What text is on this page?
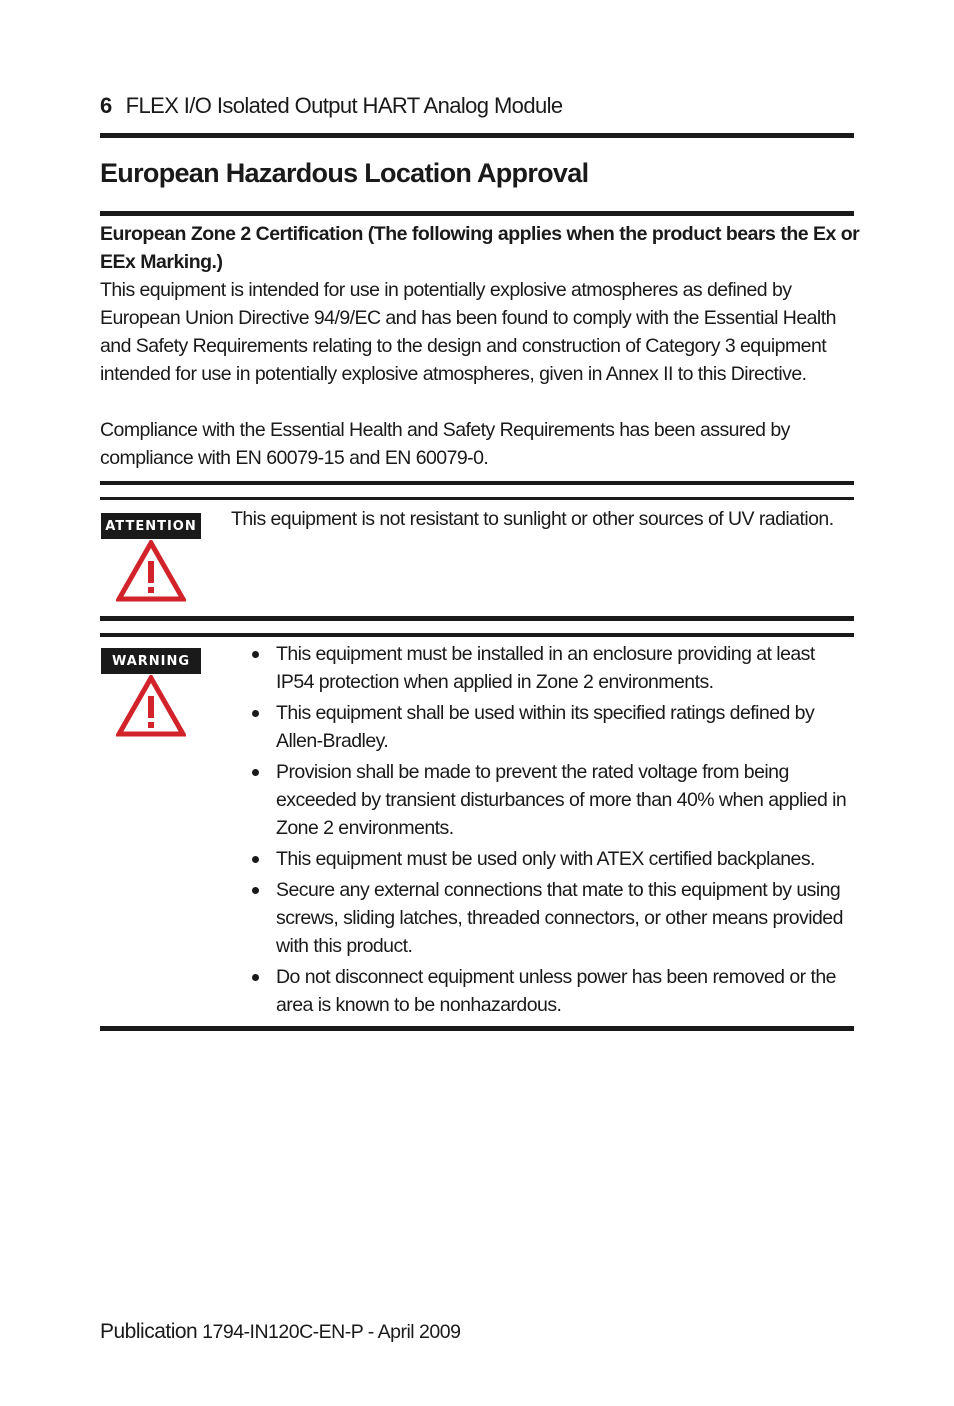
6 FLEX I/O Isolated Output HART Analog Module
European Hazardous Location Approval
European Zone 2 Certification (The following applies when the product bears the Ex or EEx Marking.)
This equipment is intended for use in potentially explosive atmospheres as defined by European Union Directive 94/9/EC and has been found to comply with the Essential Health and Safety Requirements relating to the design and construction of Category 3 equipment intended for use in potentially explosive atmospheres, given in Annex II to this Directive.
Compliance with the Essential Health and Safety Requirements has been assured by compliance with EN 60079-15 and EN 60079-0.
ATTENTION This equipment is not resistant to sunlight or other sources of UV radiation.
WARNING	This equipment must be installed in an enclosure providing at least IP54 protection when applied in Zone 2 environments.
This equipment shall be used within its specified ratings defined by Allen-Bradley.
Provision shall be made to prevent the rated voltage from being exceeded by transient disturbances of more than 40% when applied in Zone 2 environments.
This equipment must be used only with ATEX certified backplanes.
Secure any external connections that mate to this equipment by using screws, sliding latches, threaded connectors, or other means provided with this product.
Do not disconnect equipment unless power has been removed or the area is known to be nonhazardous.
Publication 1794-IN120C-EN-P - April 2009
